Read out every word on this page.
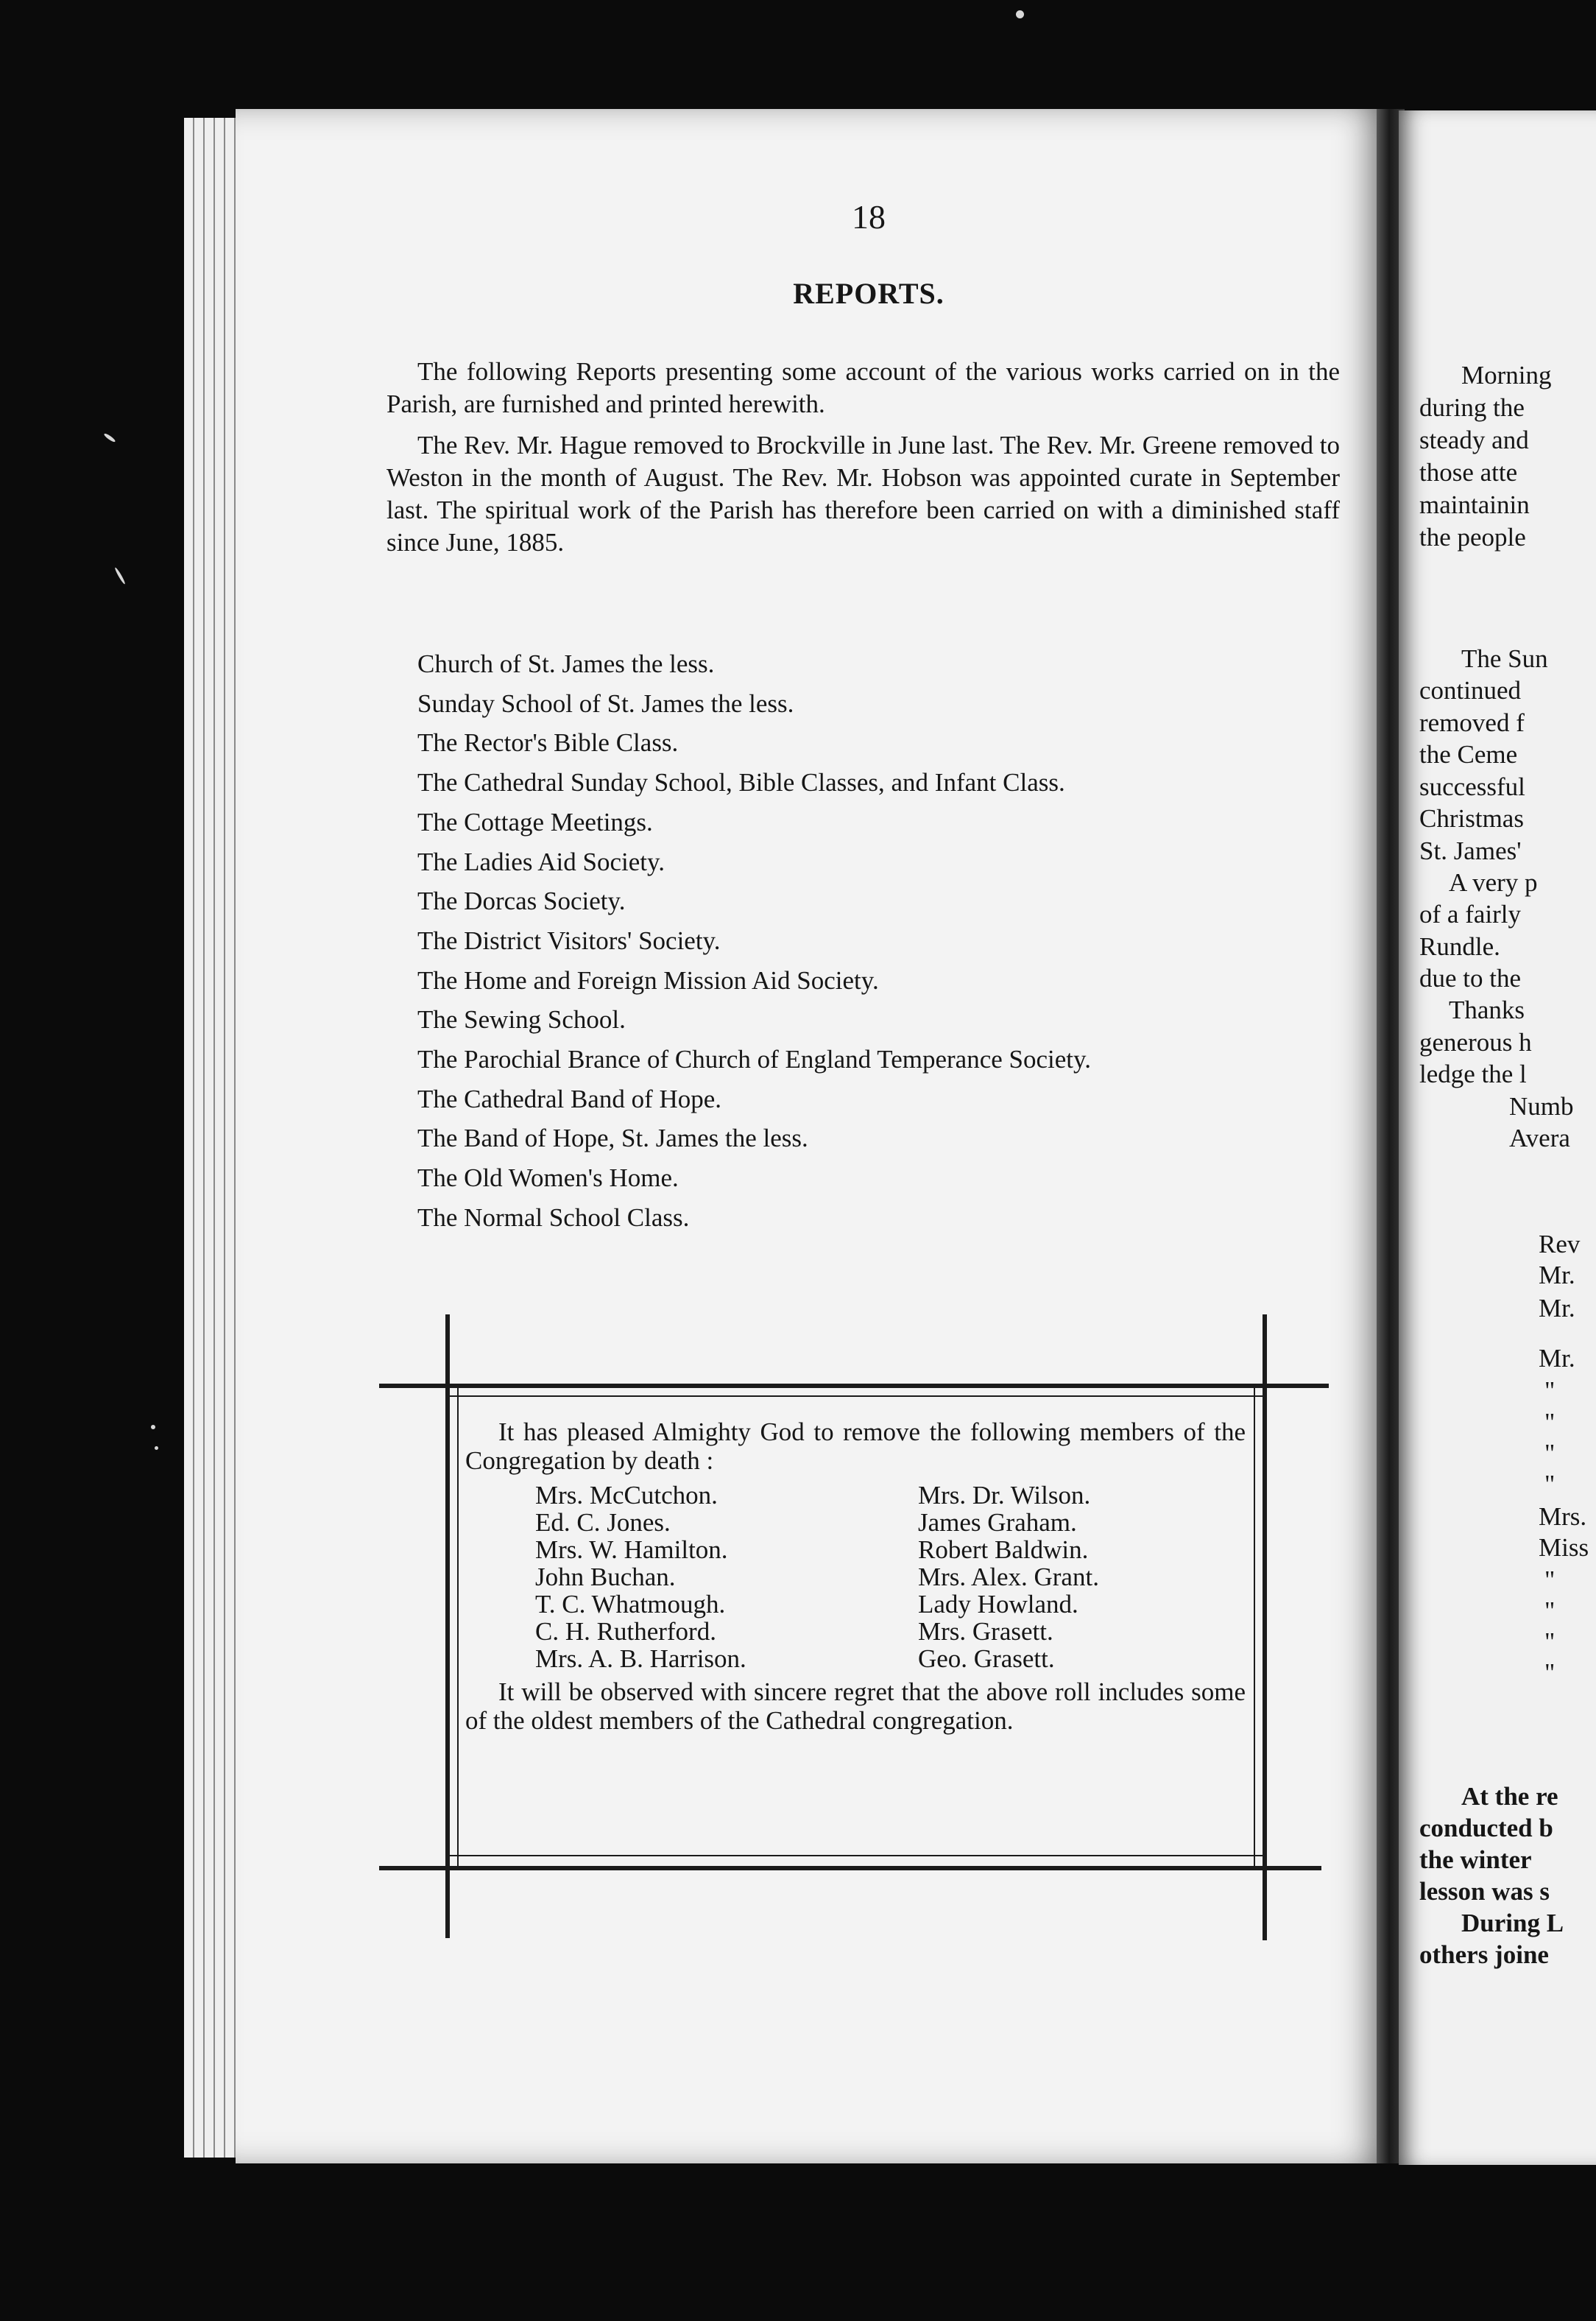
18
REPORTS.

The following Reports presenting some account of the various works carried on in the Parish, are furnished and printed herewith.

The Rev. Mr. Hague removed to Brockville in June last. The Rev. Mr. Greene removed to Weston in the month of August. The Rev. Mr. Hobson was appointed curate in September last. The spiritual work of the Parish has therefore been carried on with a diminished staff since June, 1885.

Church of St. James the less.
Sunday School of St. James the less.
The Rector's Bible Class.
The Cathedral Sunday School, Bible Classes, and Infant Class.
The Cottage Meetings.
The Ladies Aid Society.
The Dorcas Society.
The District Visitors' Society.
The Home and Foreign Mission Aid Society.
The Sewing School.
The Parochial Brance of Church of England Temperance Society.
The Cathedral Band of Hope.
The Band of Hope, St. James the less.
The Old Women's Home.
The Normal School Class.

It has pleased Almighty God to remove the following members of the Congregation by death :

Mrs. McCutchon.	Mrs. Dr. Wilson.
Ed. C. Jones.	James Graham.
Mrs. W. Hamilton.	Robert Baldwin.
John Buchan.	Mrs. Alex. Grant.
T. C. Whatmough.	Lady Howland.
C. H. Rutherford.	Mrs. Grasett.
Mrs. A. B. Harrison.	Geo. Grasett.

It will be observed with sincere regret that the above roll includes some of the oldest members of the Cathedral congregation.

Morning
during the
steady and
those atte
maintainin
the people
The Sun
continued
removed f
the Ceme
successful
Christmas
St. James'
A very p
of a fairly
Rundle.
due to the
Thanks
generous h
ledge the l
Numb
Avera
Rev
Mr.
Mr.
Mr.
"
"
"
"
Mrs.
Miss
"
"
"
"
At the re
conducted b
the winter
lesson was s
During L
others joine
